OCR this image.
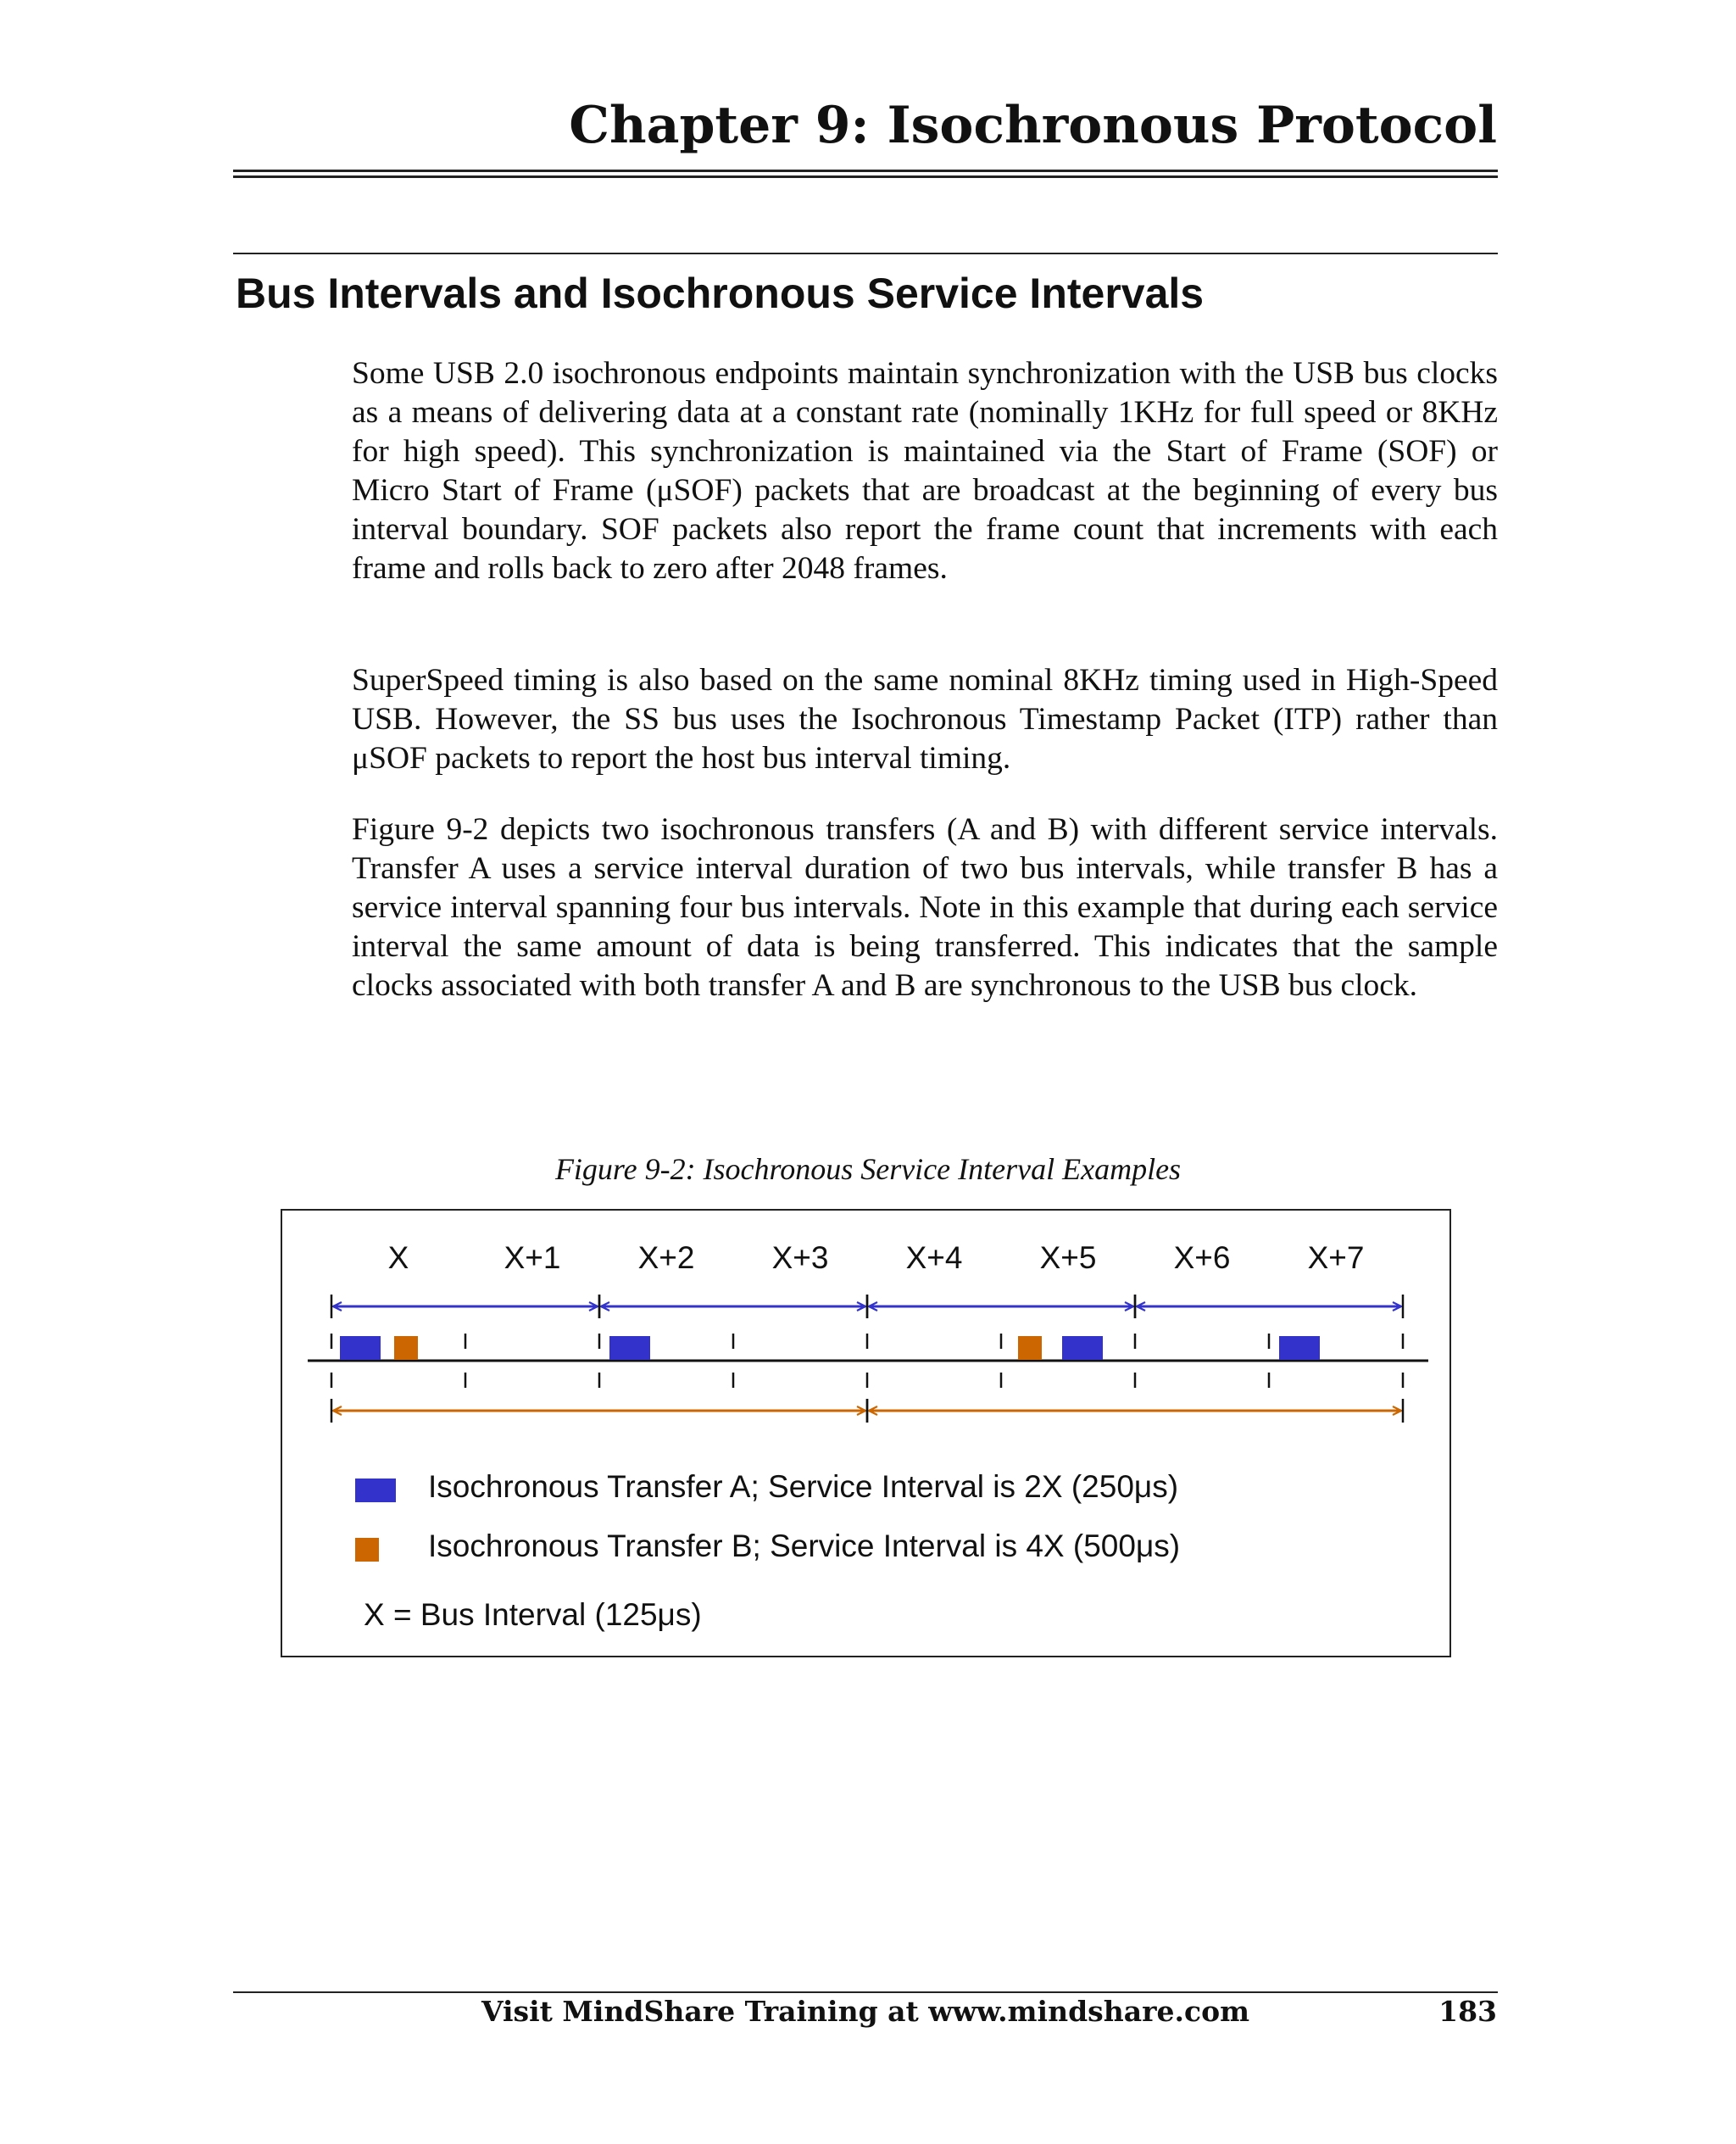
Chapter 9: Isochronous Protocol
Bus Intervals and Isochronous Service Intervals

Some USB 2.0 isochronous endpoints maintain synchronization with the USB bus clocks as a means of delivering data at a constant rate (nominally 1KHz for full speed or 8KHz for high speed). This synchronization is maintained via the Start of Frame (SOF) or Micro Start of Frame (μSOF) packets that are broadcast at the beginning of every bus interval boundary. SOF packets also report the frame count that increments with each frame and rolls back to zero after 2048 frames.

SuperSpeed timing is also based on the same nominal 8KHz timing used in High-Speed USB. However, the SS bus uses the Isochronous Timestamp Packet (ITP) rather than μSOF packets to report the host bus interval timing.

Figure 9-2 depicts two isochronous transfers (A and B) with different service intervals. Transfer A uses a service interval duration of two bus intervals, while transfer B has a service interval spanning four bus intervals. Note in this example that during each service interval the same amount of data is being transferred. This indicates that the sample clocks associated with both transfer A and B are synchronous to the USB bus clock.

Figure 9-2: Isochronous Service Interval Examples
X	X+1	X+2	X+3	X+4	X+5	X+6	X+7
Isochronous Transfer A; Service Interval is 2X (250μs)
Isochronous Transfer B; Service Interval is 4X (500μs)
X = Bus Interval (125μs)
Visit MindShare Training at www.mindshare.com	183
